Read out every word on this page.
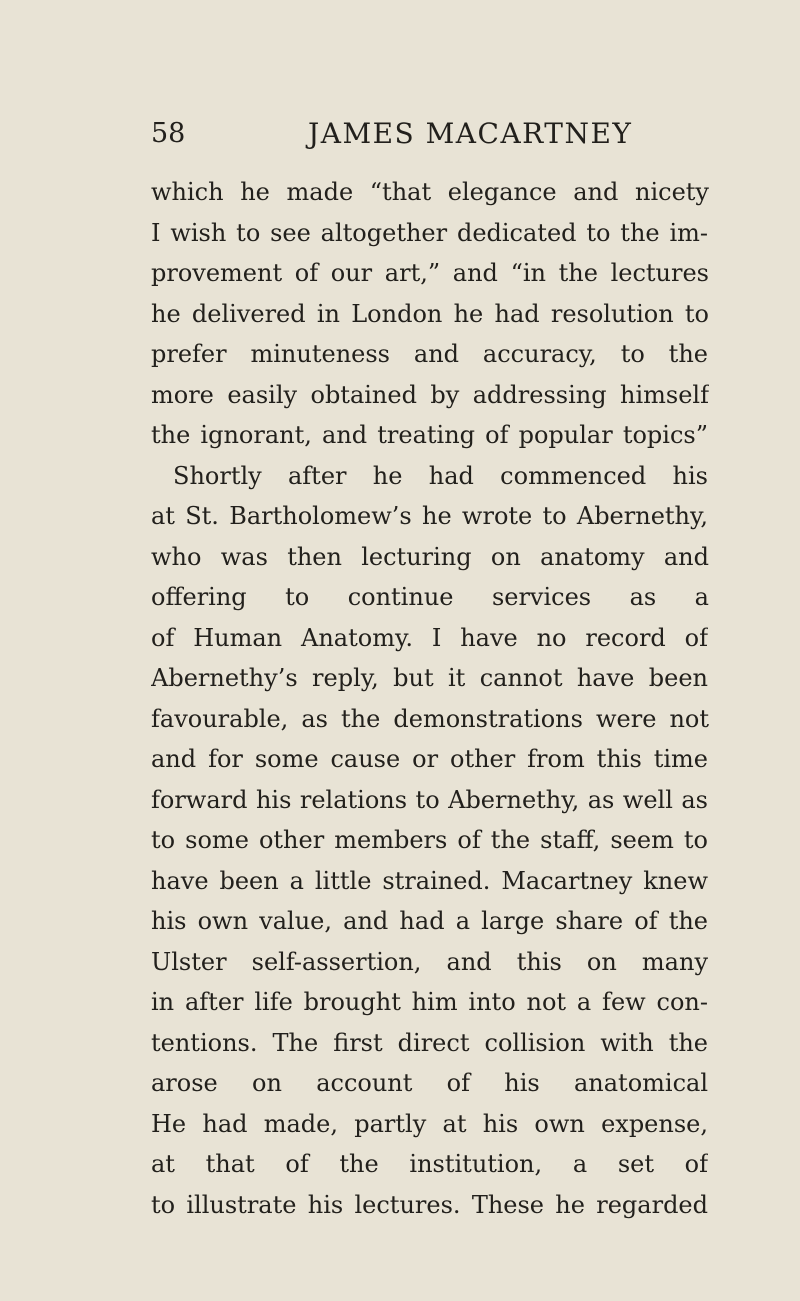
58	JAMES MACARTNEY
which he made “that elegance and nicety
I wish to see altogether dedicated to the im-
provement of our art,” and “in the lectures
he delivered in London he had resolution to
prefer minuteness and accuracy, to the
more easily obtained by addressing himself
the ignorant, and treating of popular topics”
Shortly after he had commenced his
at St. Bartholomew’s he wrote to Abernethy,
who was then lecturing on anatomy and
offering to continue services as a
of Human Anatomy. I have no record of
Abernethy’s reply, but it cannot have been
favourable, as the demonstrations were not
and for some cause or other from this time
forward his relations to Abernethy, as well as
to some other members of the staff, seem to
have been a little strained. Macartney knew
his own value, and had a large share of the
Ulster self-assertion, and this on many
in after life brought him into not a few con-
tentions. The first direct collision with the
arose on account of his anatomical
He had made, partly at his own expense,
at that of the institution, a set of
to illustrate his lectures. These he regarded
